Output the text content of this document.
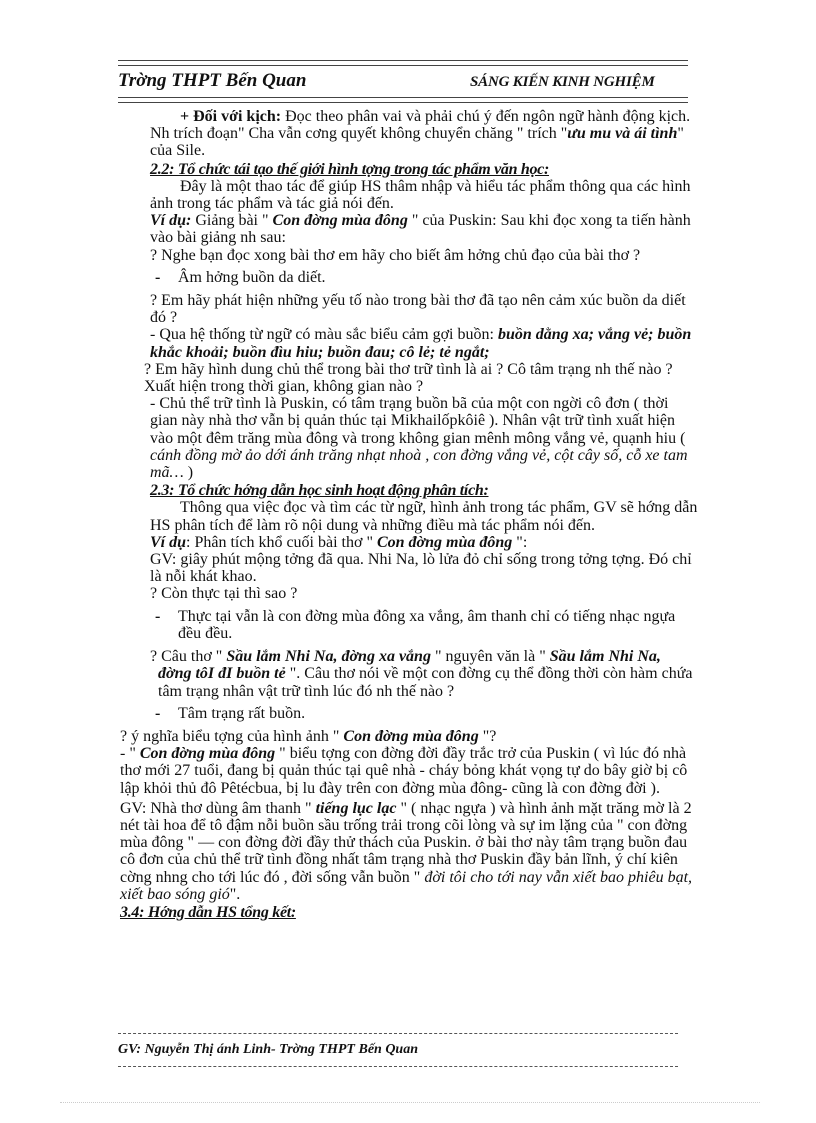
Trờng THPT Bến Quan	SÁNG KIẾN KINH NGHIỆM

+ Đối với kịch: Đọc theo phân vai và phải chú ý đến ngôn ngữ hành động kịch. Nh trích đoạn" Cha vẫn cơng quyết không chuyển chăng " trích "ưu mu và ái tình" của Sile.

2.2: Tổ chức tái tạo thế giới hình tợng trong tác phẩm văn học:

Đây là một thao tác để giúp HS thâm nhập và hiểu tác phẩm thông qua các hình ảnh trong tác phẩm và tác giả nói đến.

Ví dụ: Giảng bài " Con đờng mùa đông " của Puskin: Sau khi đọc xong ta tiến hành vào bài giảng nh sau:

? Nghe bạn đọc xong bài thơ em hãy cho biết âm hởng chủ đạo của bài thơ ?

- Âm hởng buồn da diết.

? Em hãy phát hiện những yếu tố nào trong bài thơ đã tạo nên cảm xúc buồn da diết đó ?

- Qua hệ thống từ ngữ có màu sắc biểu cảm gợi buồn: buồn dằng xa; vắng vẻ; buồn khắc khoải; buồn đìu hiu; buồn đau; cô lẻ; tẻ ngắt;

? Em hãy hình dung chủ thể trong bài thơ trữ tình là ai ? Cô tâm trạng nh thế nào ? Xuất hiện trong thời gian, không gian nào ?

- Chủ thể trữ tình là Puskin, có tâm trạng buồn bã của một con ngời cô đơn ( thời gian này nhà thơ vẫn bị quản thúc tại Mikhailốpkôiê ). Nhân vật trữ tình xuất hiện vào một đêm trăng mùa đông và trong không gian mênh mông vắng vẻ, quạnh hiu ( cánh đồng mờ ảo dới ánh trăng nhạt nhoà , con đờng vắng vẻ, cột cây số, cỗ xe tam mã… )

2.3: Tổ chức hớng dẫn học sinh hoạt động phân tích:

Thông qua việc đọc và tìm các từ ngữ, hình ảnh trong tác phẩm, GV sẽ hớng dẫn HS phân tích để làm rõ nội dung và những điều mà tác phẩm nói đến.

Ví dụ: Phân tích khổ cuối bài thơ " Con đờng mùa đông ":

GV: giây phút mộng tởng đã qua. Nhi Na, lò lửa đỏ chỉ sống trong tởng tợng. Đó chỉ là nỗi khát khao.

? Còn thực tại thì sao ?

- Thực tại vẫn là con đờng mùa đông xa vắng, âm thanh chỉ có tiếng nhạc ngựa đều đều.

? Câu thơ " Sầu lắm Nhi Na, đờng xa vắng " nguyên văn là " Sầu lắm Nhi Na, đờng tôI đI buồn tẻ ". Câu thơ nói về một con đờng cụ thể đồng thời còn hàm chứa tâm trạng nhân vật trữ tình lúc đó nh thế nào ?

- Tâm trạng rất buồn.

? ý nghĩa biểu tợng của hình ảnh " Con đờng mùa đông "?

- " Con đờng mùa đông " biểu tợng con đờng đời đầy trắc trở của Puskin ( vì lúc đó nhà thơ mới 27 tuổi, đang bị quản thúc tại quê nhà - cháy bỏng khát vọng tự do bây giờ bị cô lập khỏi thủ đô Pêtécbua, bị lu đày trên con đờng mùa đông- cũng là con đờng đời ).

GV: Nhà thơ dùng âm thanh " tiếng lục lạc " ( nhạc ngựa ) và hình ảnh mặt trăng mờ là 2 nét tài hoa để tô đậm nỗi buồn sầu trống trải trong cõi lòng và sự im lặng của " con đờng mùa đông " — con đờng đời đầy thử thách của Puskin. ở bài thơ này tâm trạng buồn đau cô đơn của chủ thể trữ tình đồng nhất tâm trạng nhà thơ Puskin đầy bản lĩnh, ý chí kiên cờng nhng cho tới lúc đó , đời sống vẫn buồn " đời tôi cho tới nay vẫn xiết bao phiêu bạt, xiết bao sóng gió".

3.4: Hớng dẫn HS tổng kết:

GV: Nguyễn Thị ánh Linh- Trờng THPT Bến Quan
